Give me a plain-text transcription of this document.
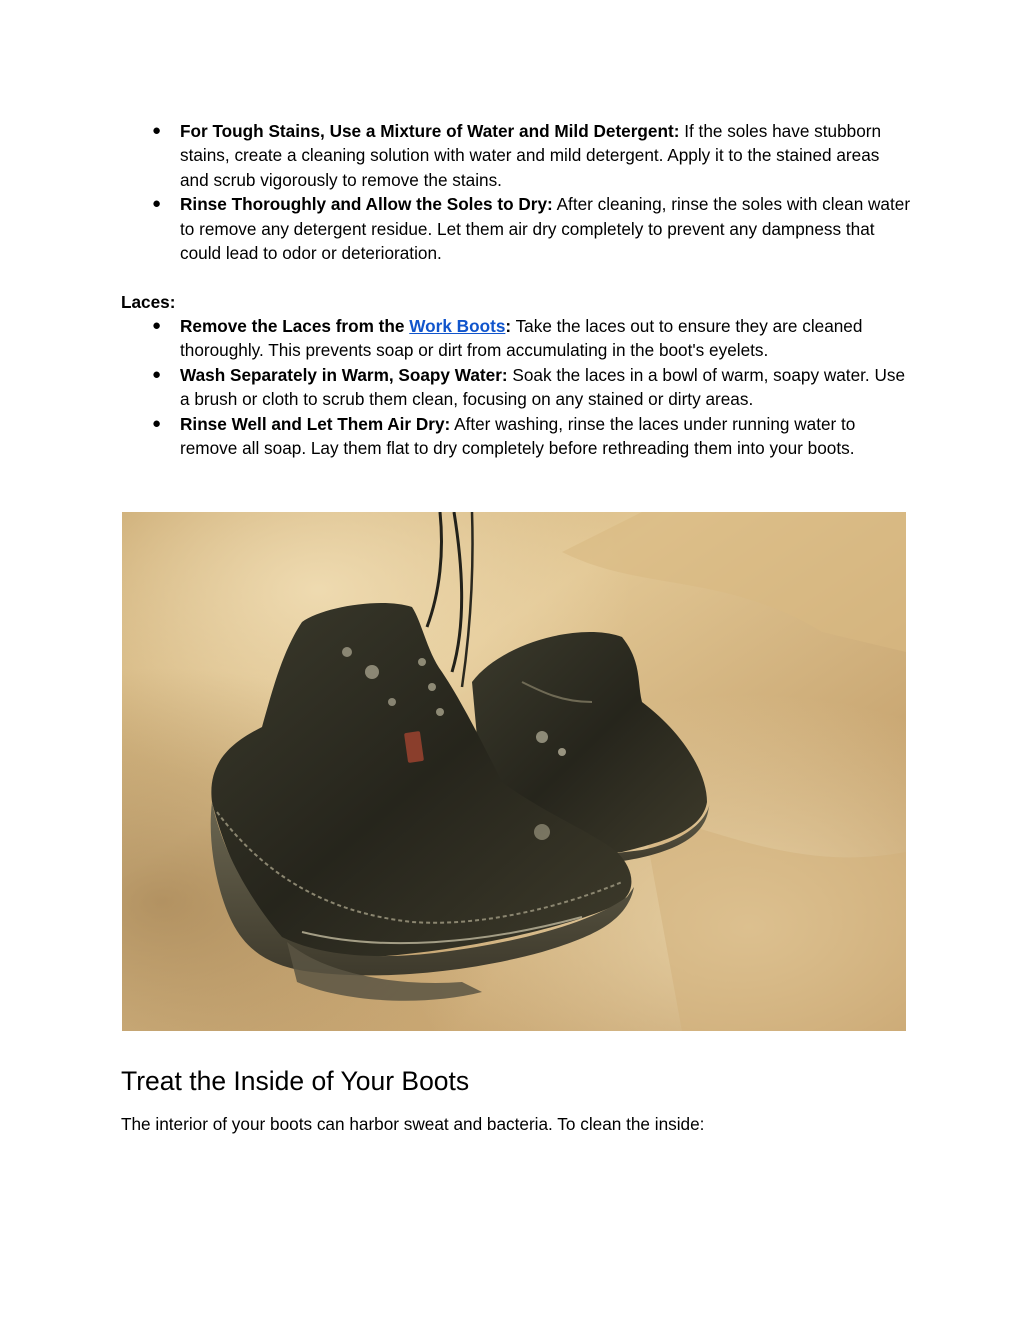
● For Tough Stains, Use a Mixture of Water and Mild Detergent: If the soles have stubborn stains, create a cleaning solution with water and mild detergent. Apply it to the stained areas and scrub vigorously to remove the stains.
● Rinse Thoroughly and Allow the Soles to Dry: After cleaning, rinse the soles with clean water to remove any detergent residue. Let them air dry completely to prevent any dampness that could lead to odor or deterioration.
Laces:
● Remove the Laces from the Work Boots: Take the laces out to ensure they are cleaned thoroughly. This prevents soap or dirt from accumulating in the boot's eyelets.
● Wash Separately in Warm, Soapy Water: Soak the laces in a bowl of warm, soapy water. Use a brush or cloth to scrub them clean, focusing on any stained or dirty areas.
● Rinse Well and Let Them Air Dry: After washing, rinse the laces under running water to remove all soap. Lay them flat to dry completely before rethreading them into your boots.
Treat the Inside of Your Boots

The interior of your boots can harbor sweat and bacteria. To clean the inside:
